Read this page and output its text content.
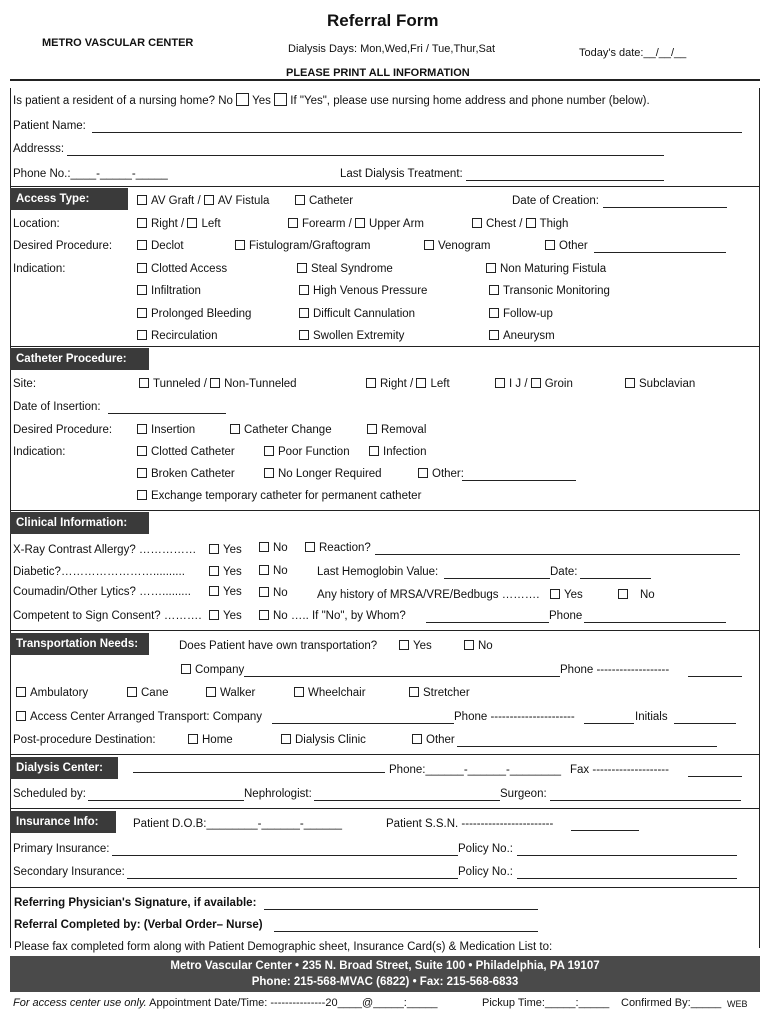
Referral Form
METRO VASCULAR CENTER	Dialysis Days: Mon,Wed,Fri / Tue,Thur,Sat	Today's date:__/__/__
PLEASE PRINT ALL INFORMATION
Is patient a resident of a nursing home? No Yes If "Yes", please use nursing home address and phone number (below).
Patient Name:
Addresss:
Phone No.:____-_____-_____	Last Dialysis Treatment:
Access Type:	AV Graft / AV Fistula	Catheter	Date of Creation:
Location:	Right / Left	Forearm / Upper Arm	Chest / Thigh
Desired Procedure:	Declot	Fistulogram/Graftogram	Venogram	Other
Indication:	Clotted Access	Steal Syndrome	Non Maturing Fistula
Infiltration	High Venous Pressure	Transonic Monitoring
Prolonged Bleeding	Difficult Cannulation	Follow-up
Recirculation	Swollen Extremity	Aneurysm
Catheter Procedure:
Site:	Tunneled / Non-Tunneled	Right / Left	I J / Groin	Subclavian
Date of Insertion:
Desired Procedure:	Insertion	Catheter Change	Removal
Indication:	Clotted Catheter	Poor Function	Infection
Broken Catheter	No Longer Required	Other:
Exchange temporary catheter for permanent catheter
Clinical Information:
X-Ray Contrast Allergy? ……………	Yes	No	Reaction?
Diabetic?……………………..........	Yes	No	Last Hemoglobin Value:	Date:
Coumadin/Other Lytics? …….........	Yes	No	Any history of MRSA/VRE/Bedbugs ……….	Yes	No
Competent to Sign Consent? ……….	Yes	No ….. If "No", by Whom?	Phone
Transportation Needs:	Does Patient have own transportation?	Yes	No
Company	Phone -------------------
Ambulatory	Cane	Walker	Wheelchair	Stretcher
Access Center Arranged Transport: Company	Phone ----------------------	Initials
Post-procedure Destination:	Home	Dialysis Clinic	Other
Dialysis Center:	Phone:______-______-________ Fax --------------------
Scheduled by:	Nephrologist:	Surgeon:
Insurance Info:	Patient D.O.B:________-______-______	Patient S.S.N. ------------------------
Primary Insurance:	Policy No.:
Secondary Insurance:	Policy No.:
Referring Physician's Signature, if available:
Referral Completed by: (Verbal Order– Nurse)
Please fax completed form along with Patient Demographic sheet, Insurance Card(s) & Medication List to:
Metro Vascular Center • 235 N. Broad Street, Suite 100 • Philadelphia, PA 19107
Phone: 215-568-MVAC (6822) • Fax: 215-568-6833
For access center use only. Appointment Date/Time: ---------------20____@_____:_____	Pickup Time:_____:_____ Confirmed By:_____ WEB
